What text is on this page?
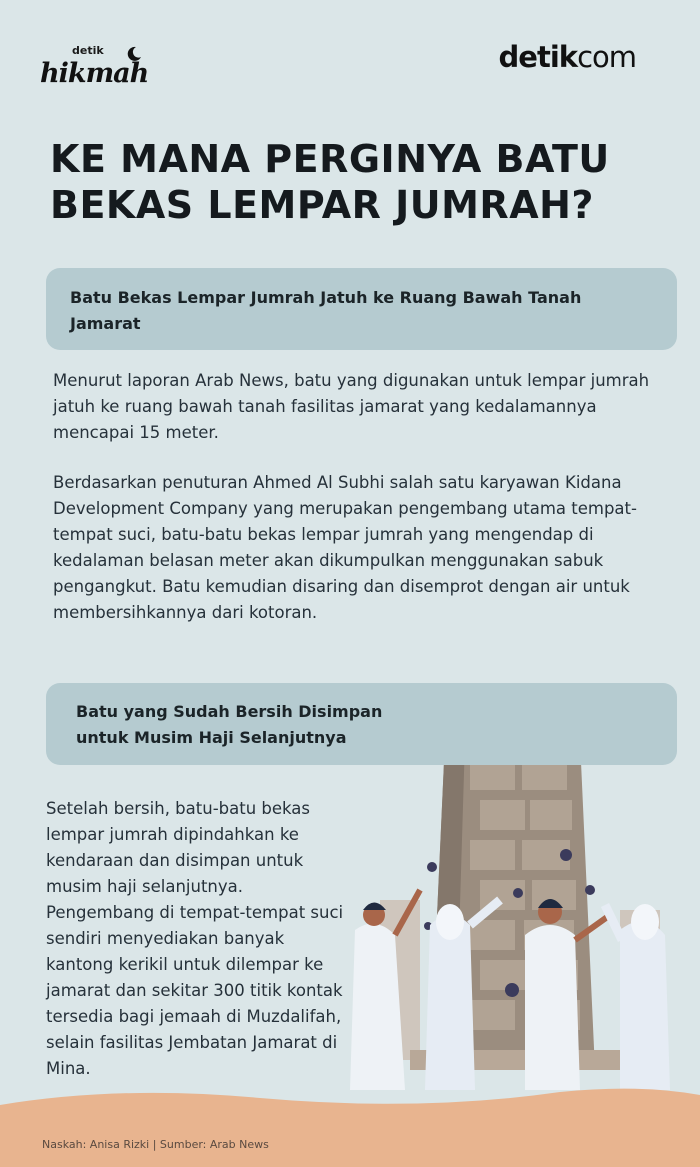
detik
hikmah	detikcom
KE MANA PERGINYA BATU
BEKAS LEMPAR JUMRAH?
Batu Bekas Lempar Jumrah Jatuh ke Ruang Bawah Tanah Jamarat
Menurut laporan Arab News, batu yang digunakan untuk lempar jumrah jatuh ke ruang bawah tanah fasilitas jamarat yang kedalamannya mencapai 15 meter.
Berdasarkan penuturan Ahmed Al Subhi salah satu karyawan Kidana Development Company yang merupakan pengembang utama tempat-tempat suci, batu-batu bekas lempar jumrah yang mengendap di kedalaman belasan meter akan dikumpulkan menggunakan sabuk pengangkut. Batu kemudian disaring dan disemprot dengan air untuk membersihkannya dari kotoran.
Batu yang Sudah Bersih Disimpan
untuk Musim Haji Selanjutnya
Setelah bersih, batu-batu bekas lempar jumrah dipindahkan ke kendaraan dan disimpan untuk musim haji selanjutnya. Pengembang di tempat-tempat suci sendiri menyediakan banyak kantong kerikil untuk dilempar ke jamarat dan sekitar 300 titik kontak tersedia bagi jemaah di Muzdalifah, selain fasilitas Jembatan Jamarat di Mina.
Naskah: Anisa Rizki | Sumber: Arab News
